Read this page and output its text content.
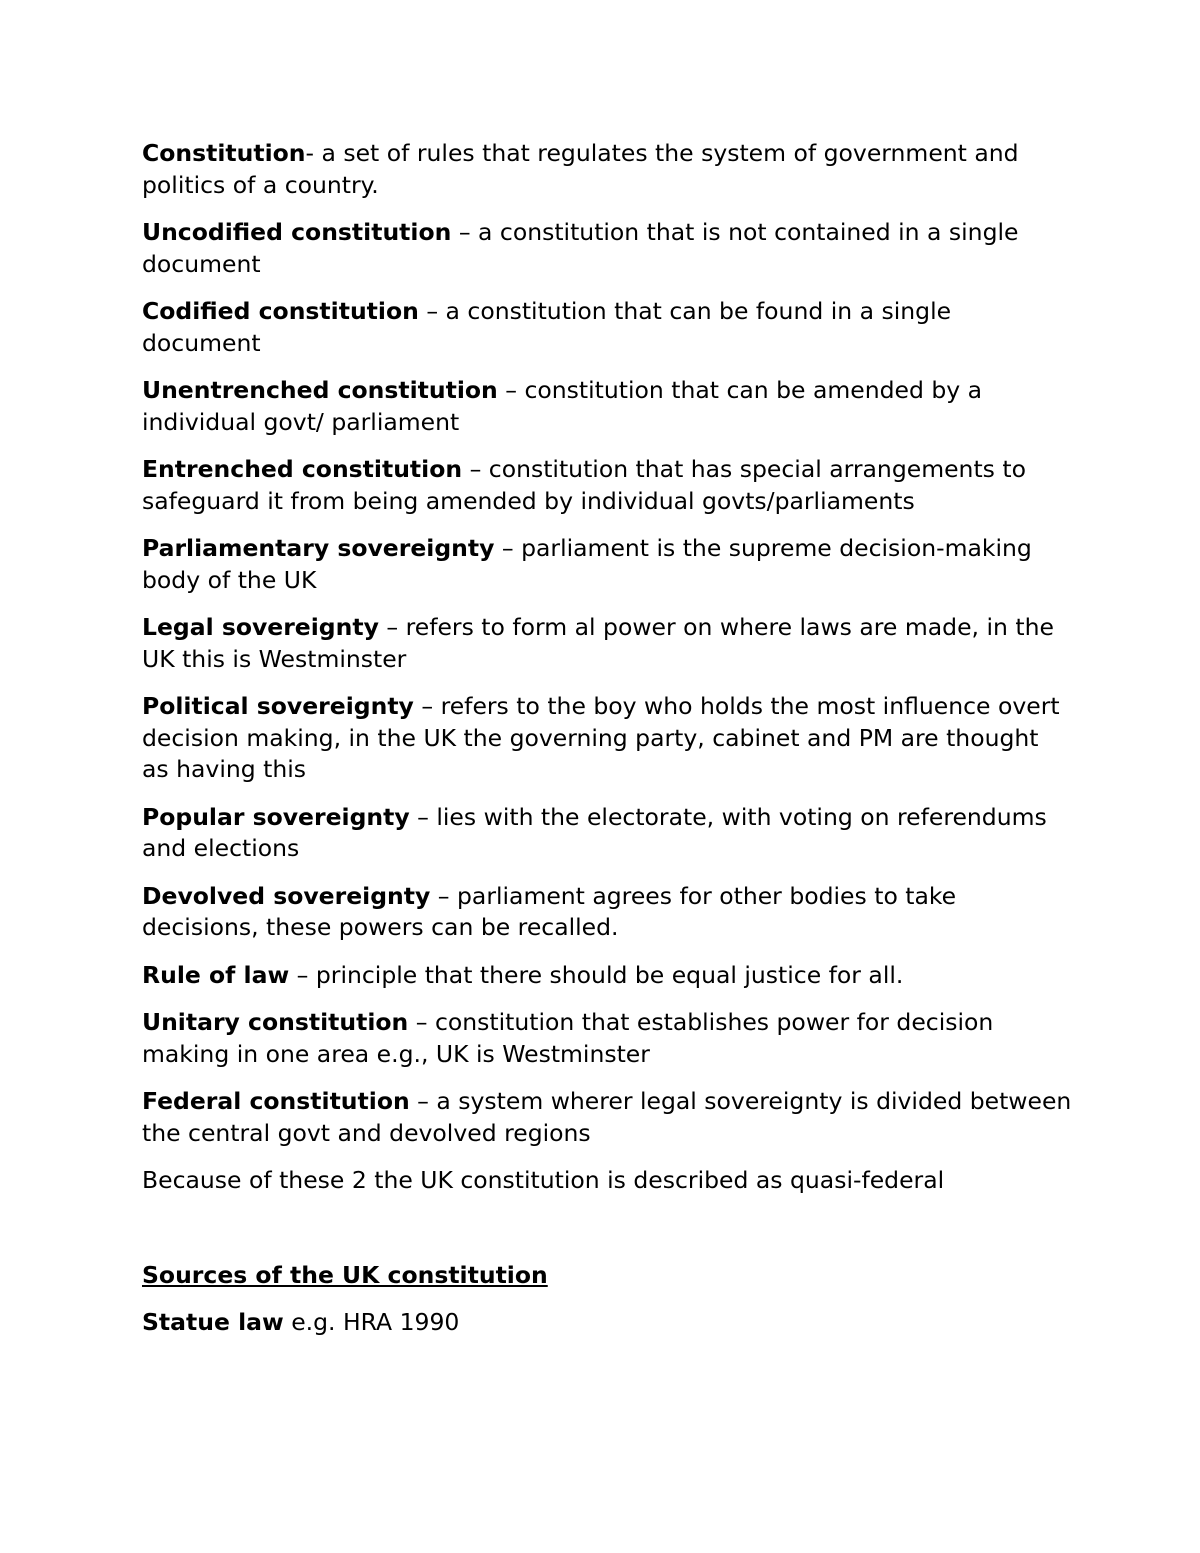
Constitution- a set of rules that regulates the system of government and politics of a country.

Uncodified constitution – a constitution that is not contained in a single document

Codified constitution – a constitution that can be found in a single document

Unentrenched constitution – constitution that can be amended by a individual govt/ parliament

Entrenched constitution – constitution that has special arrangements to safeguard it from being amended by individual govts/parliaments

Parliamentary sovereignty – parliament is the supreme decision-making body of the UK

Legal sovereignty – refers to form al power on where laws are made, in the UK this is Westminster

Political sovereignty – refers to the boy who holds the most influence overt decision making, in the UK the governing party, cabinet and PM are thought as having this

Popular sovereignty – lies with the electorate, with voting on referendums and elections

Devolved sovereignty – parliament agrees for other bodies to take decisions, these powers can be recalled.

Rule of law – principle that there should be equal justice for all.

Unitary constitution – constitution that establishes power for decision making in one area e.g., UK is Westminster

Federal constitution – a system wherer legal sovereignty is divided between the central govt and devolved regions

Because of these 2 the UK constitution is described as quasi-federal

Sources of the UK constitution

Statue law e.g. HRA 1990
